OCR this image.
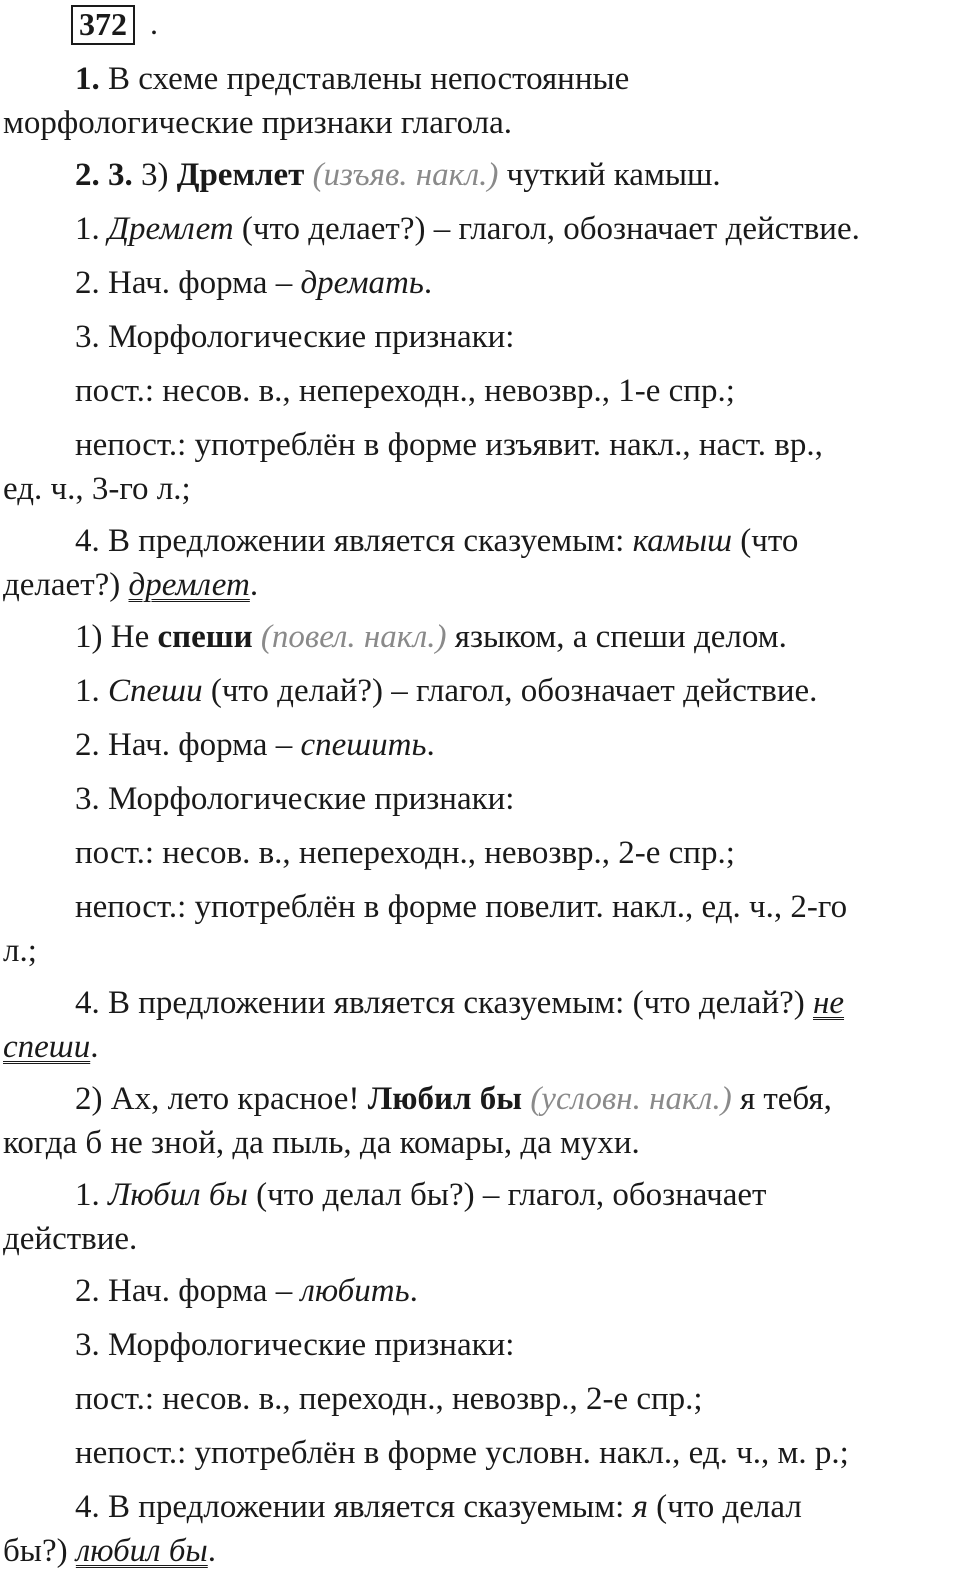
372 .
1. В схеме представлены непостоянные
морфологические признаки глагола.
2. 3. 3) Дремлет (изъяв. накл.) чуткий камыш.
1. Дремлет (что делает?) – глагол, обозначает действие.
2. Нач. форма – дремать.
3. Морфологические признаки:
пост.: несов. в., непереходн., невозвр., 1-е спр.;
непост.: употреблён в форме изъявит. накл., наст. вр.,
ед. ч., 3-го л.;
4. В предложении является сказуемым: камыш (что
делает?) дремлет.
1) Не спеши (повел. накл.) языком, а спеши делом.
1. Спеши (что делай?) – глагол, обозначает действие.
2. Нач. форма – спешить.
3. Морфологические признаки:
пост.: несов. в., непереходн., невозвр., 2-е спр.;
непост.: употреблён в форме повелит. накл., ед. ч., 2-го
л.;
4. В предложении является сказуемым: (что делай?) не
спеши.
2) Ах, лето красное! Любил бы (условн. накл.) я тебя,
когда б не зной, да пыль, да комары, да мухи.
1. Любил бы (что делал бы?) – глагол, обозначает
действие.
2. Нач. форма – любить.
3. Морфологические признаки:
пост.: несов. в., переходн., невозвр., 2-е спр.;
непост.: употреблён в форме условн. накл., ед. ч., м. р.;
4. В предложении является сказуемым: я (что делал
бы?) любил бы.
